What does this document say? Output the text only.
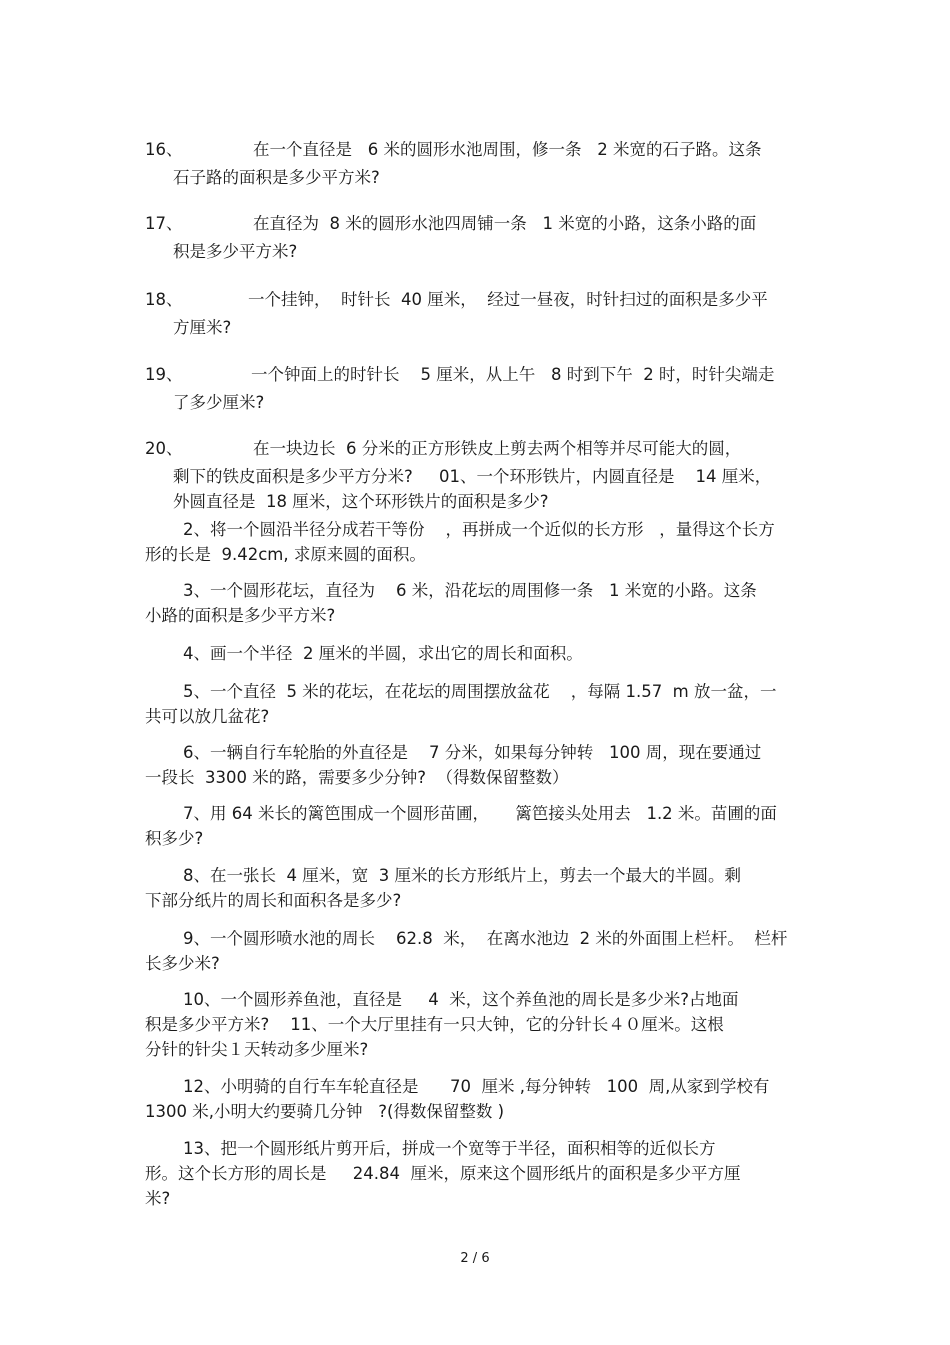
16、	在一个直径是   6 米的圆形水池周围，修一条   2 米宽的石子路。这条
石子路的面积是多少平方米?
17、	在直径为  8 米的圆形水池四周铺一条   1 米宽的小路，这条小路的面
积是多少平方米?
18、	一个挂钟，  时针长  40 厘米，  经过一昼夜，时针扫过的面积是多少平
方厘米?
19、	一个钟面上的时针长    5 厘米，从上午   8 时到下午  2 时，时针尖端走
了多少厘米?
20、	在一块边长  6 分米的正方形铁皮上剪去两个相等并尽可能大的圆，
剩下的铁皮面积是多少平方分米?     01、一个环形铁片，内圆直径是    14 厘米，
外圆直径是  18 厘米，这个环形铁片的面积是多少?
2、将一个圆沿半径分成若干等份    ，再拼成一个近似的长方形   ，量得这个长方
形的长是  9.42cm, 求原来圆的面积。
3、一个圆形花坛，直径为    6 米，沿花坛的周围修一条   1 米宽的小路。这条
小路的面积是多少平方米?
4、画一个半径  2 厘米的半圆，求出它的周长和面积。
5、一个直径  5 米的花坛，在花坛的周围摆放盆花    ，每隔 1.57  m 放一盆，一
共可以放几盆花?
6、一辆自行车轮胎的外直径是    7 分米，如果每分钟转   100 周，现在要通过
一段长  3300 米的路，需要多少分钟?  （得数保留整数）
7、用 64 米长的篱笆围成一个圆形苗圃，     篱笆接头处用去   1.2 米。苗圃的面
积多少?
8、在一张长  4 厘米，宽  3 厘米的长方形纸片上，剪去一个最大的半圆。剩
下部分纸片的周长和面积各是多少?
9、一个圆形喷水池的周长    62.8  米，  在离水池边  2 米的外面围上栏杆。  栏杆
长多少米?
10、一个圆形养鱼池，直径是     4  米，这个养鱼池的周长是多少米?占地面
积是多少平方米?    11、一个大厅里挂有一只大钟，它的分针长４０厘米。这根
分针的针尖１天转动多少厘米?
12、小明骑的自行车车轮直径是      70  厘米 ,每分钟转   100  周,从家到学校有
1300 米,小明大约要骑几分钟   ?(得数保留整数 )
13、把一个圆形纸片剪开后，拼成一个宽等于半径，面积相等的近似长方
形。这个长方形的周长是     24.84  厘米，原来这个圆形纸片的面积是多少平方厘
米?
2 / 6
